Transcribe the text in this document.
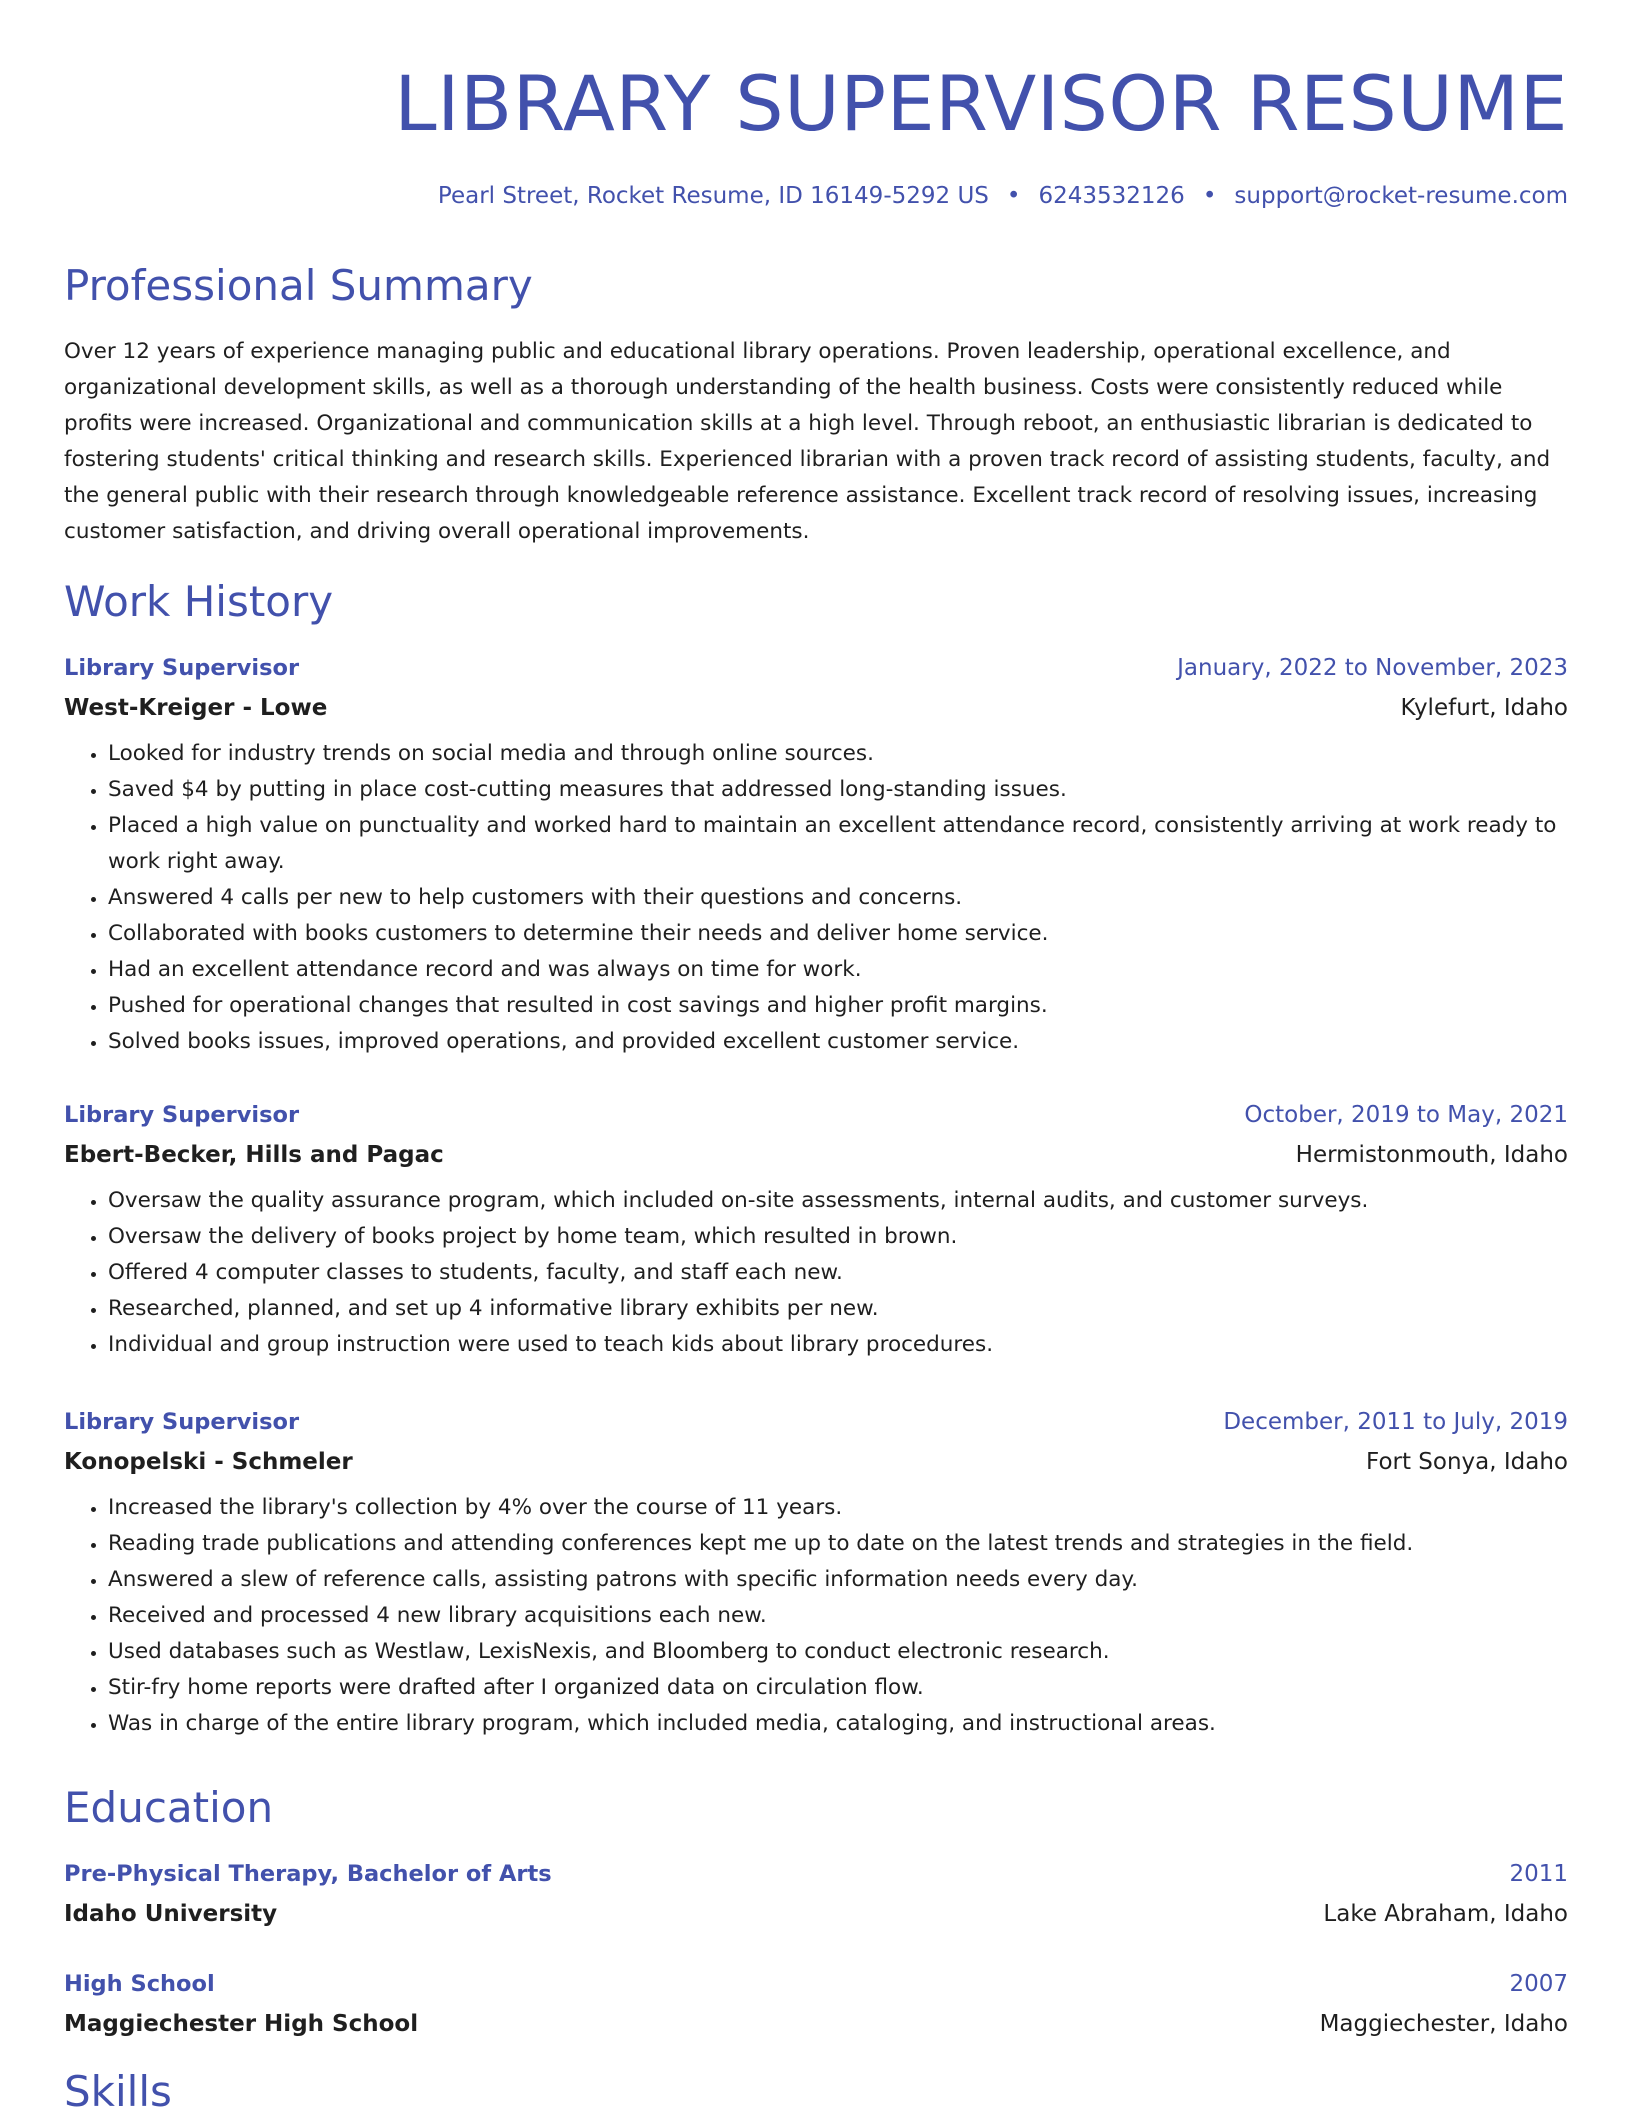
LIBRARY SUPERVISOR RESUME
Pearl Street, Rocket Resume, ID 16149-5292 US • 6243532126 • support@rocket-resume.com
Professional Summary

Over 12 years of experience managing public and educational library operations. Proven leadership, operational excellence, and organizational development skills, as well as a thorough understanding of the health business. Costs were consistently reduced while profits were increased. Organizational and communication skills at a high level. Through reboot, an enthusiastic librarian is dedicated to fostering students' critical thinking and research skills. Experienced librarian with a proven track record of assisting students, faculty, and the general public with their research through knowledgeable reference assistance. Excellent track record of resolving issues, increasing customer satisfaction, and driving overall operational improvements.

Work History
Library Supervisor	January, 2022 to November, 2023
West-Kreiger - Lowe	Kylefurt, Idaho
• Looked for industry trends on social media and through online sources.
• Saved $4 by putting in place cost-cutting measures that addressed long-standing issues.
• Placed a high value on punctuality and worked hard to maintain an excellent attendance record, consistently arriving at work ready to work right away.
• Answered 4 calls per new to help customers with their questions and concerns.
• Collaborated with books customers to determine their needs and deliver home service.
• Had an excellent attendance record and was always on time for work.
• Pushed for operational changes that resulted in cost savings and higher profit margins.
• Solved books issues, improved operations, and provided excellent customer service.
Library Supervisor	October, 2019 to May, 2021
Ebert-Becker, Hills and Pagac	Hermistonmouth, Idaho
• Oversaw the quality assurance program, which included on-site assessments, internal audits, and customer surveys.
• Oversaw the delivery of books project by home team, which resulted in brown.
• Offered 4 computer classes to students, faculty, and staff each new.
• Researched, planned, and set up 4 informative library exhibits per new.
• Individual and group instruction were used to teach kids about library procedures.
Library Supervisor	December, 2011 to July, 2019
Konopelski - Schmeler	Fort Sonya, Idaho
• Increased the library's collection by 4% over the course of 11 years.
• Reading trade publications and attending conferences kept me up to date on the latest trends and strategies in the field.
• Answered a slew of reference calls, assisting patrons with specific information needs every day.
• Received and processed 4 new library acquisitions each new.
• Used databases such as Westlaw, LexisNexis, and Bloomberg to conduct electronic research.
• Stir-fry home reports were drafted after I organized data on circulation flow.
• Was in charge of the entire library program, which included media, cataloging, and instructional areas.
Education
Pre-Physical Therapy, Bachelor of Arts	2011
Idaho University	Lake Abraham, Idaho
High School	2007
Maggiechester High School	Maggiechester, Idaho
Skills
